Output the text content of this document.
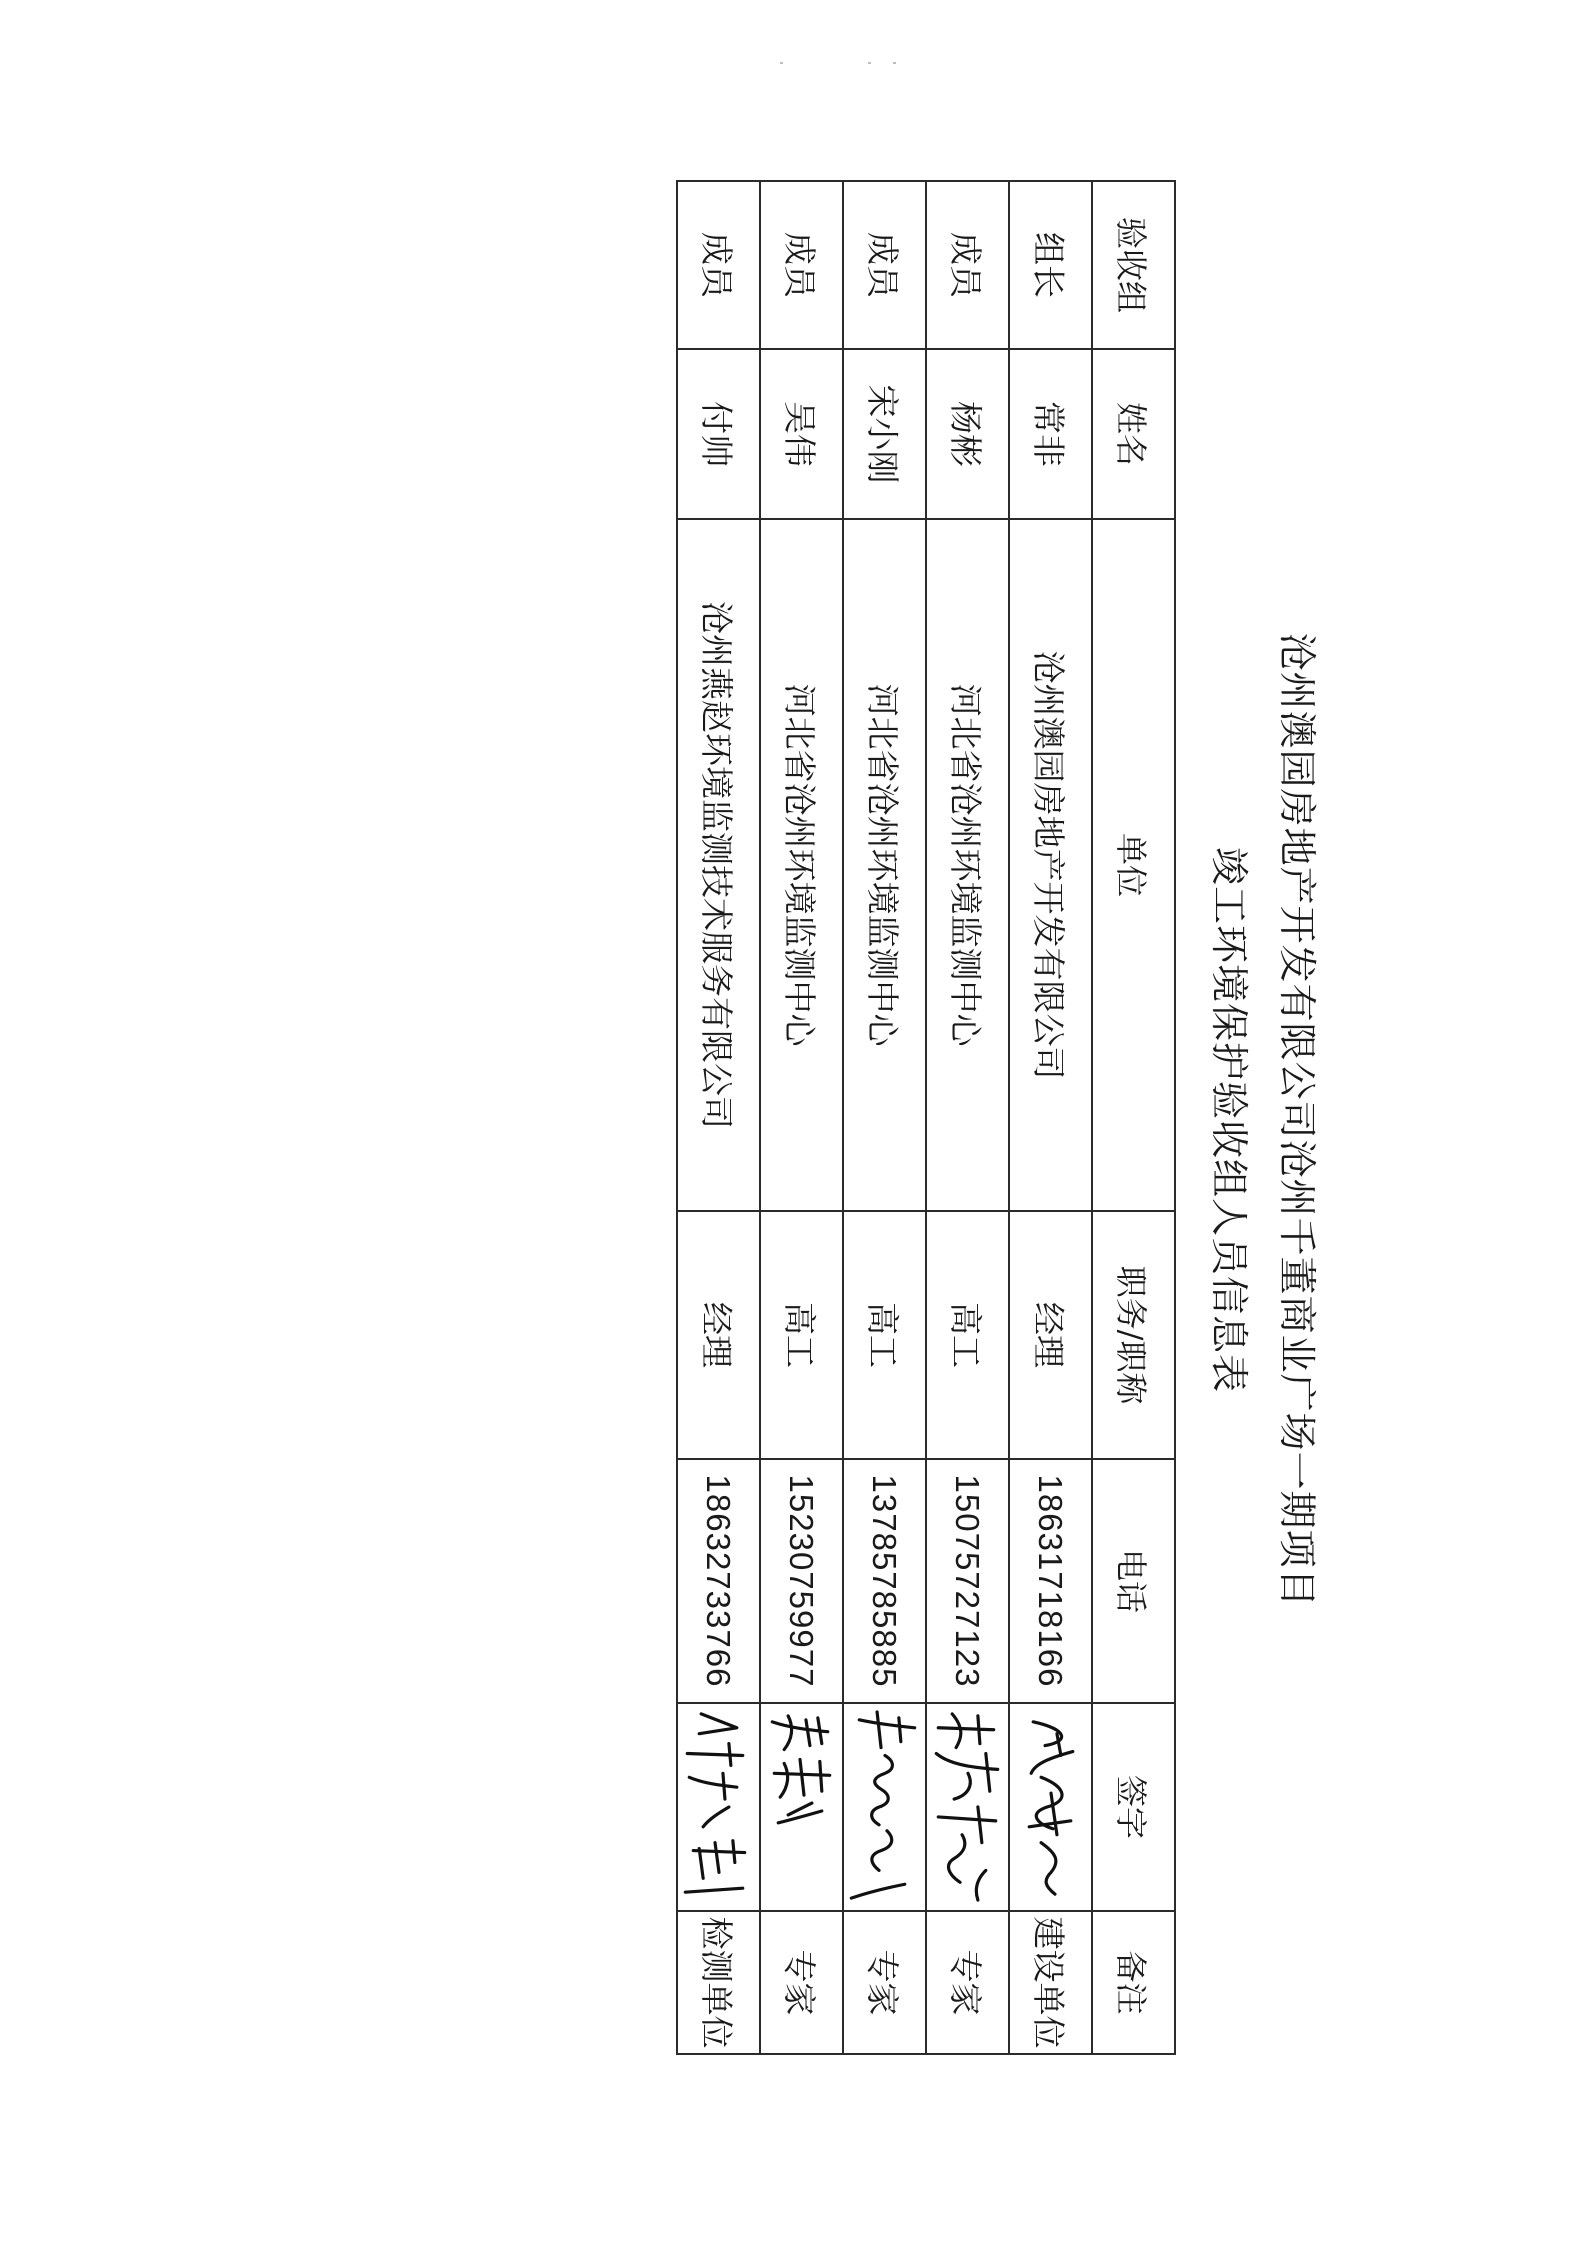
沧州澳园房地产开发有限公司沧州千董商业广场一期项目
竣工环境保护验收组人员信息表
验收组	姓名	单位	职务/职称	电话	签字	备注
组长	常非	沧州澳园房地产开发有限公司	经理	18631718166		建设单位
成员	杨彬	河北省沧州环境监测中心	高工	15075727123		专家
成员	宋小刚	河北省沧州环境监测中心	高工	13785785885		专家
成员	吴伟	河北省沧州环境监测中心	高工	15230759977		专家
成员	付帅	沧州燕赵环境监测技术服务有限公司	经理	18632733766		检测单位
